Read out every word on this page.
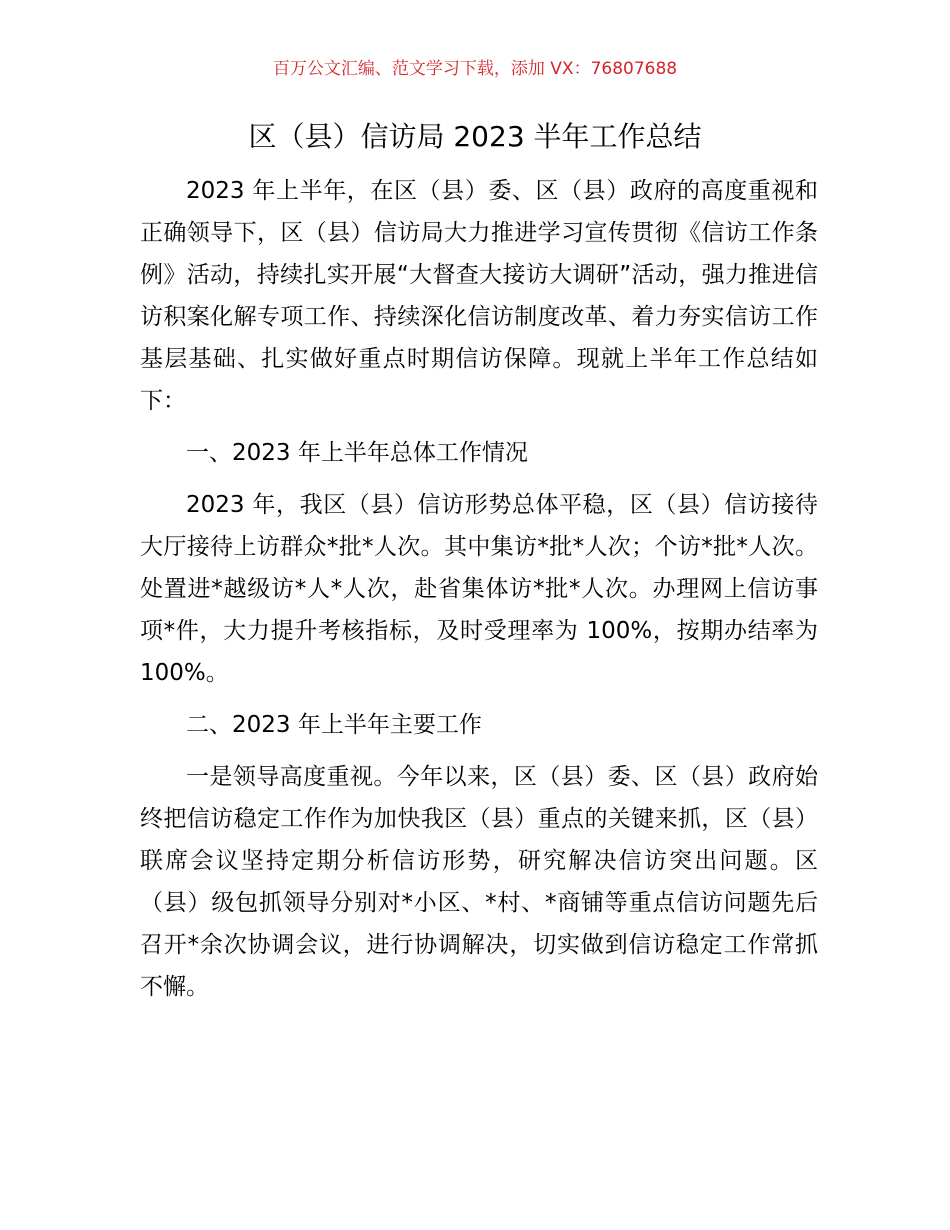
百万公文汇编、范文学习下载，添加 VX：76807688
区（县）信访局 2023 半年工作总结

2023 年上半年，在区（县）委、区（县）政府的高度重视和正确领导下，区（县）信访局大力推进学习宣传贯彻《信访工作条例》活动，持续扎实开展“大督查大接访大调研”活动，强力推进信访积案化解专项工作、持续深化信访制度改革、着力夯实信访工作基层基础、扎实做好重点时期信访保障。现就上半年工作总结如下：

一、2023 年上半年总体工作情况

2023 年，我区（县）信访形势总体平稳，区（县）信访接待大厅接待上访群众*批*人次。其中集访*批*人次；个访*批*人次。处置进*越级访*人*人次，赴省集体访*批*人次。办理网上信访事项*件，大力提升考核指标，及时受理率为 100%，按期办结率为 100%。

二、2023 年上半年主要工作

一是领导高度重视。今年以来，区（县）委、区（县）政府始终把信访稳定工作作为加快我区（县）重点的关键来抓，区（县）联席会议坚持定期分析信访形势，研究解决信访突出问题。区（县）级包抓领导分别对*小区、*村、*商铺等重点信访问题先后召开*余次协调会议，进行协调解决，切实做到信访稳定工作常抓不懈。
